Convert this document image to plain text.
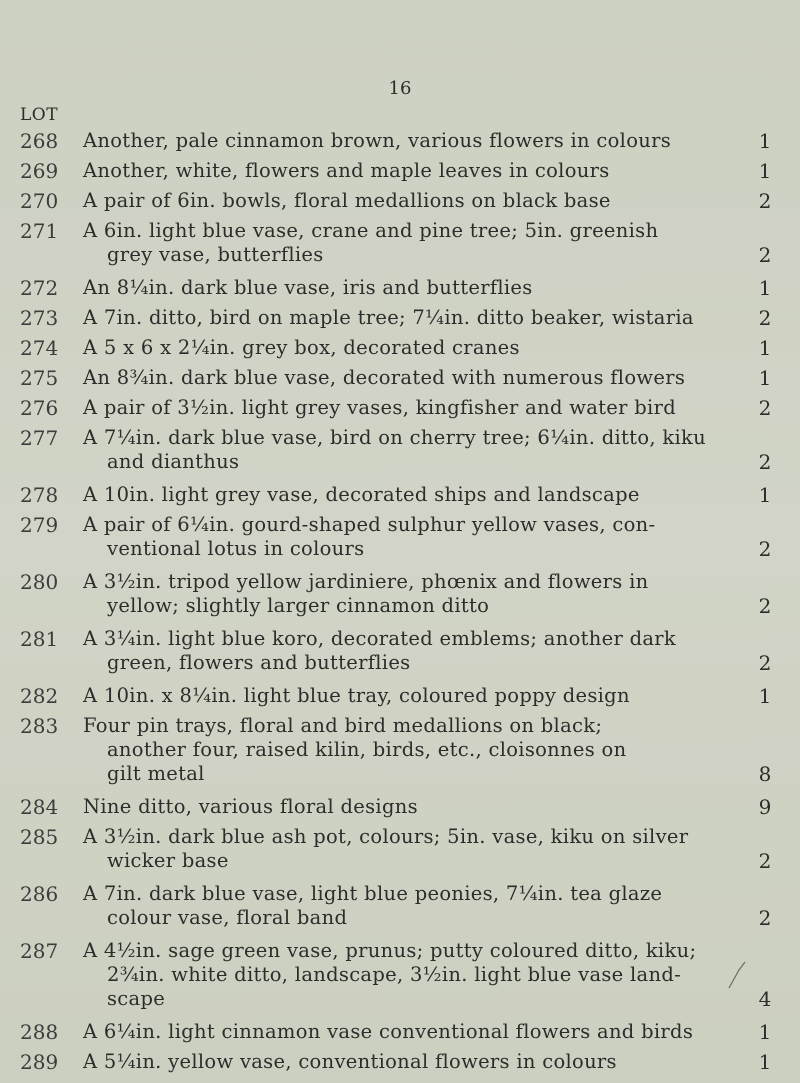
16
LOT
268	Another, pale cinnamon brown, various flowers in colours	1
269	Another, white, flowers and maple leaves in colours	1
270	A pair of 6in. bowls, floral medallions on black base	2
271	A 6in. light blue vase, crane and pine tree; 5in. greenish
grey vase, butterflies	2
272	An 8¼in. dark blue vase, iris and butterflies	1
273	A 7in. ditto, bird on maple tree; 7¼in. ditto beaker, wistaria	2
274	A 5 x 6 x 2¼in. grey box, decorated cranes	1
275	An 8¾in. dark blue vase, decorated with numerous flowers	1
276	A pair of 3½in. light grey vases, kingfisher and water bird	2
277	A 7¼in. dark blue vase, bird on cherry tree; 6¼in. ditto, kiku
and dianthus	2
278	A 10in. light grey vase, decorated ships and landscape	1
279	A pair of 6¼in. gourd-shaped sulphur yellow vases, con-
ventional lotus in colours	2
280	A 3½in. tripod yellow jardiniere, phœnix and flowers in
yellow; slightly larger cinnamon ditto	2
281	A 3¼in. light blue koro, decorated emblems; another dark
green, flowers and butterflies	2
282	A 10in. x 8¼in. light blue tray, coloured poppy design	1
283	Four pin trays, floral and bird medallions on black;
another four, raised kilin, birds, etc., cloisonnes on
gilt metal	8
284	Nine ditto, various floral designs	9
285	A 3½in. dark blue ash pot, colours; 5in. vase, kiku on silver
wicker base	2
286	A 7in. dark blue vase, light blue peonies, 7¼in. tea glaze
colour vase, floral band	2
287	A 4½in. sage green vase, prunus; putty coloured ditto, kiku;
2¾in. white ditto, landscape, 3½in. light blue vase land-
scape	4
288	A 6¼in. light cinnamon vase conventional flowers and birds	1
289	A 5¼in. yellow vase, conventional flowers in colours	1
